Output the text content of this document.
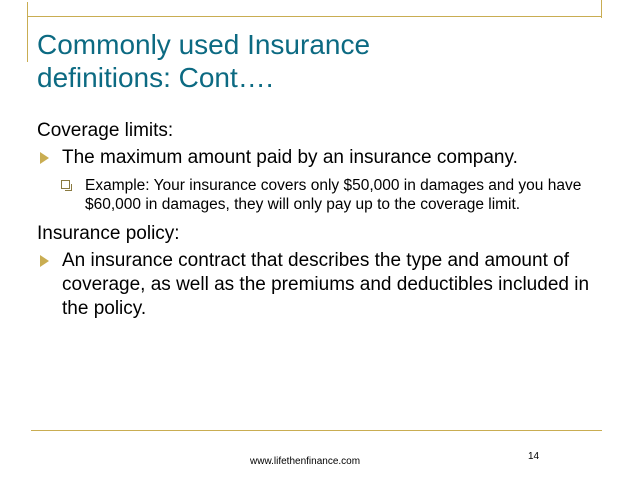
Commonly used Insurance
definitions: Cont….

Coverage limits:

The maximum amount paid by an insurance company.
Example: Your insurance covers only $50,000 in damages and you have $60,000 in damages, they will only pay up to the coverage limit.

Insurance policy:

An insurance contract that describes the type and amount of coverage, as well as the premiums and deductibles included in the policy.
www.lifethenfinance.com	14
